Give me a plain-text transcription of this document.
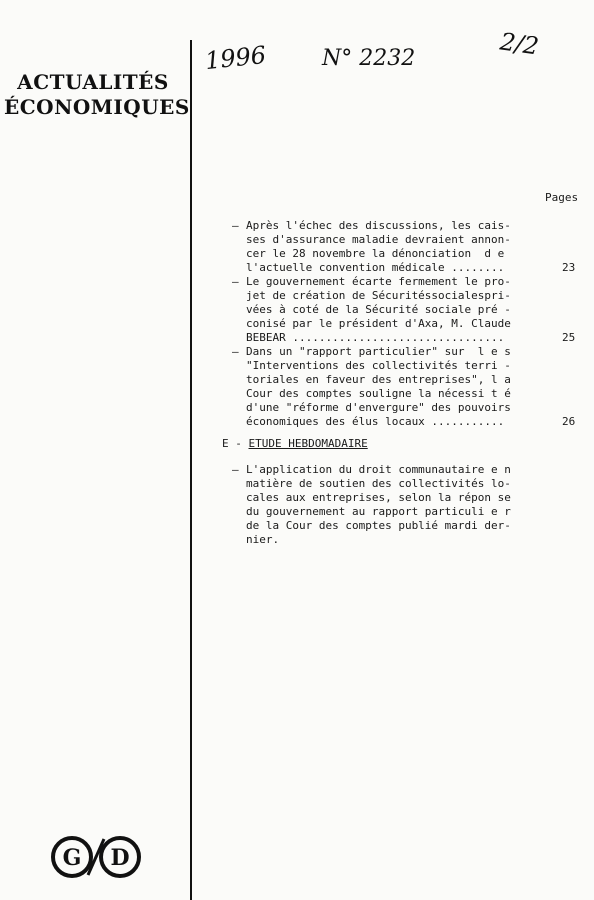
ACTUALITÉS
ÉCONOMIQUES
1996 N° 2232	2/2
Pages
– Après l'échec des discussions, les cais-
ses d'assurance maladie devraient annon-
cer le 28 novembre la dénonciation  d e
l'actuelle convention médicale ........	23
– Le gouvernement écarte fermement le pro-
jet de création de Sécuritéssocialespri-
vées à coté de la Sécurité sociale pré -
conisé par le président d'Axa, M. Claude
BEBEAR ................................	25
– Dans un "rapport particulier" sur  l e s
"Interventions des collectivités terri -
toriales en faveur des entreprises", l a
Cour des comptes souligne la nécessi t é
d'une "réforme d'envergure" des pouvoirs
économiques des élus locaux ...........	26
E - ETUDE HEBDOMADAIRE
– L'application du droit communautaire e n
matière de soutien des collectivités lo-
cales aux entreprises, selon la répon se
du gouvernement au rapport particuli e r
de la Cour des comptes publié mardi der-
nier.
G D
